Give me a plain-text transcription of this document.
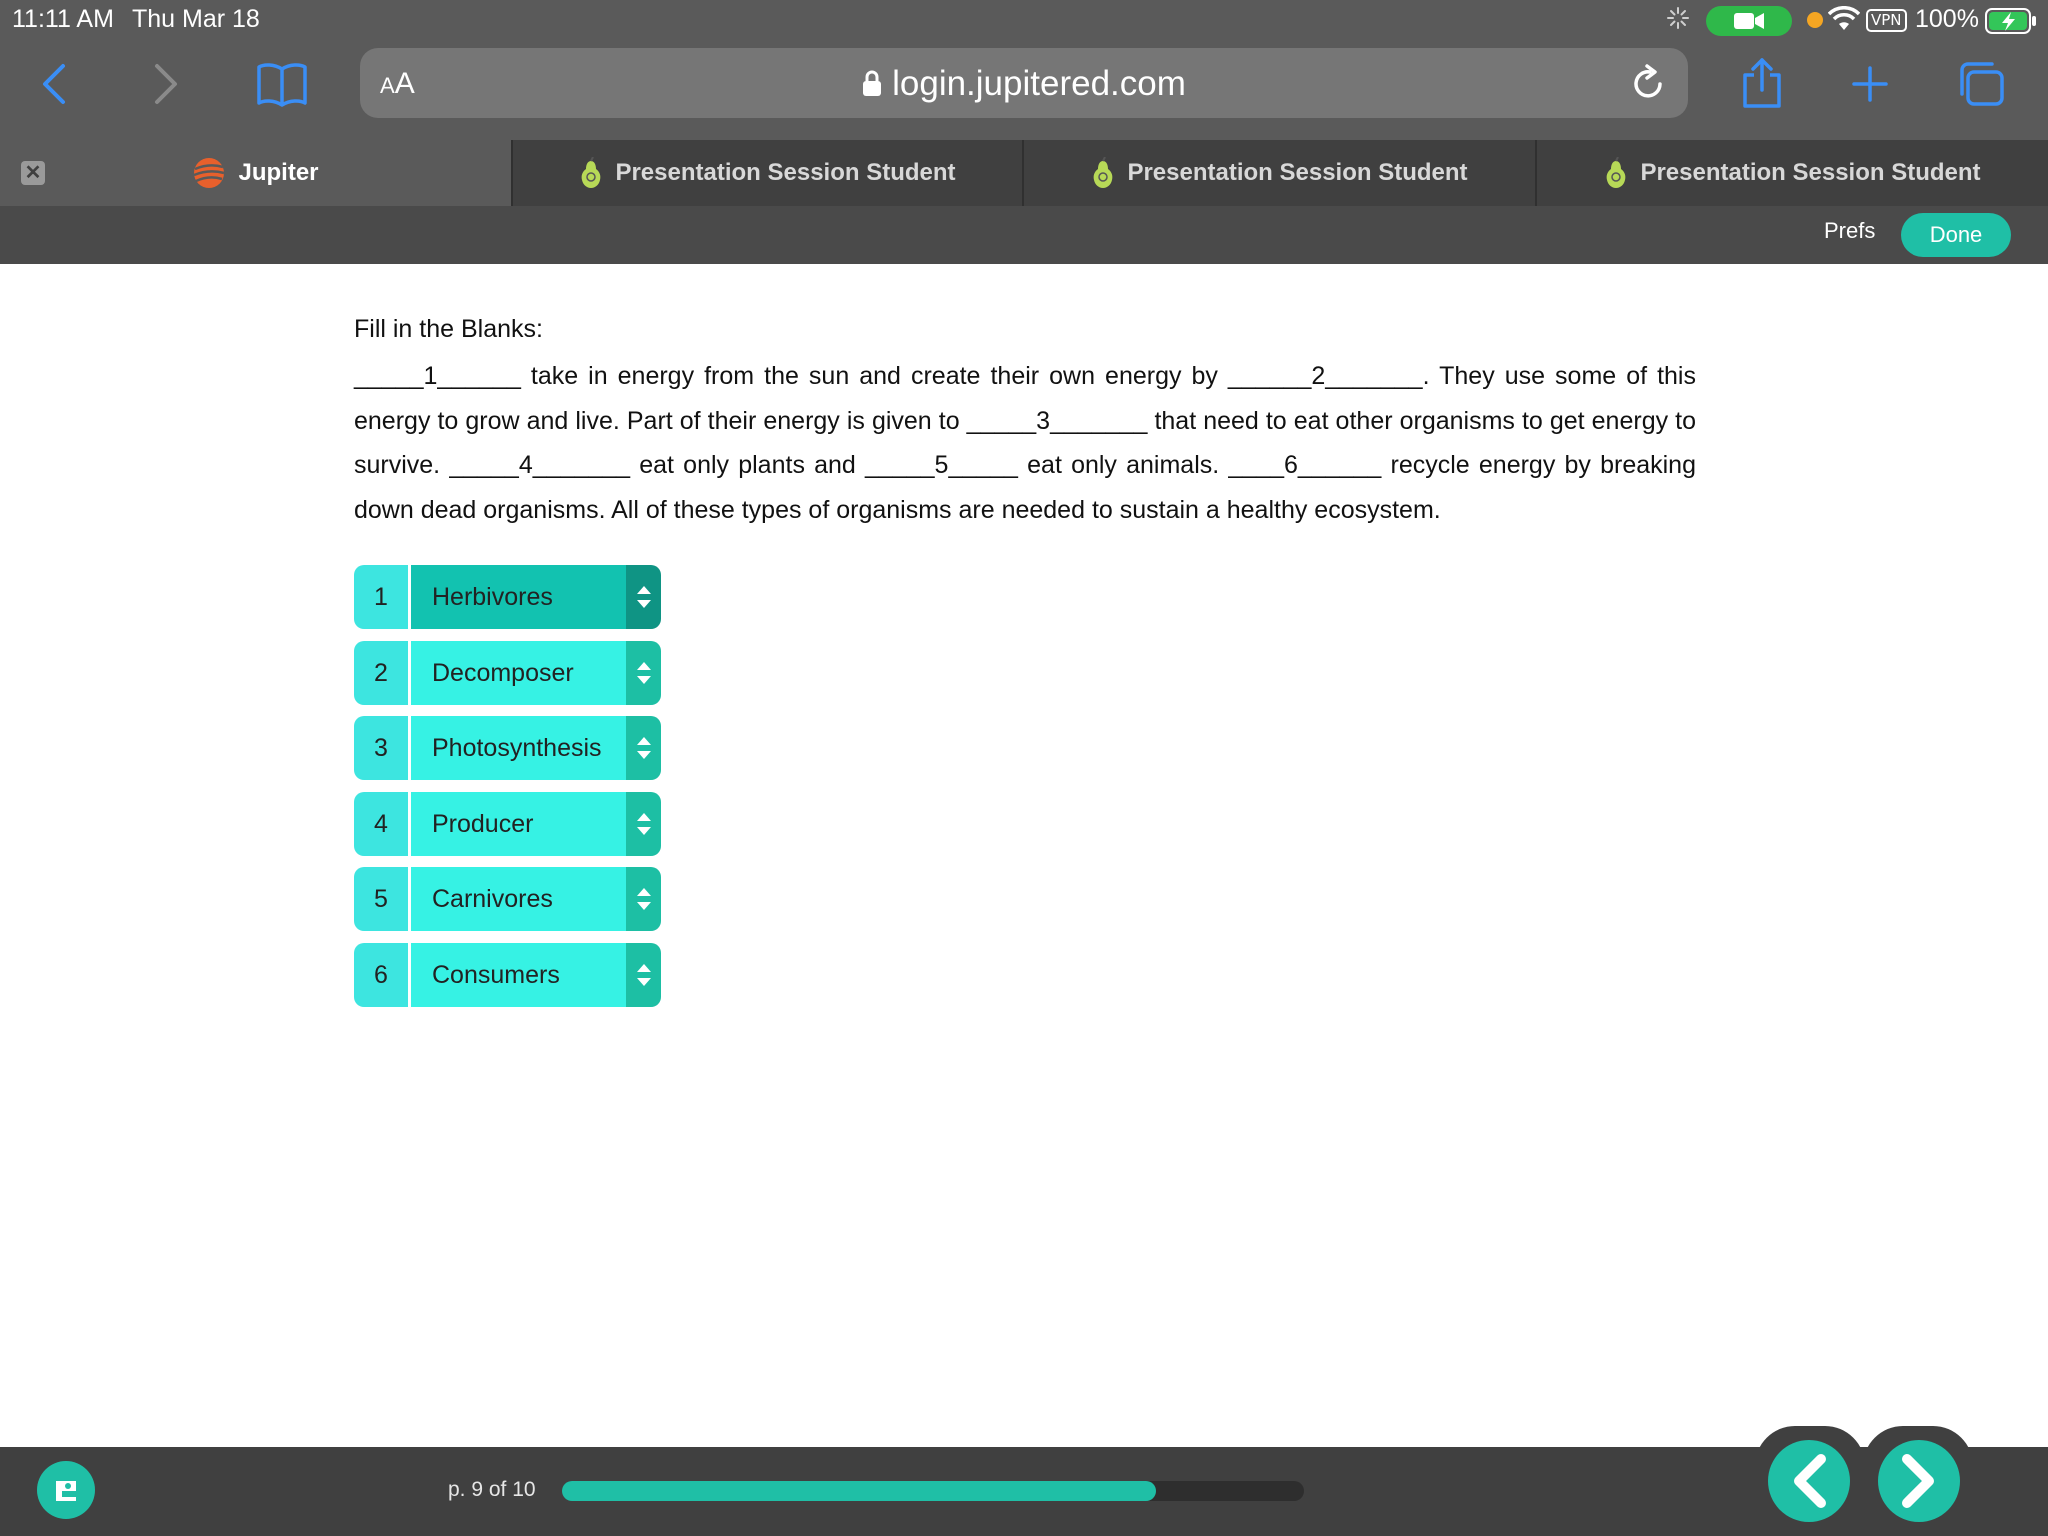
11:11 AM Thu Mar 18	VPN 100%
AA	login.jupitered.com
Jupiter	Presentation Session Student	Presentation Session Student	Presentation Session Student
✕
Prefs	Done

Fill in the Blanks:

_____1______ take in energy from the sun and create their own energy by ______2_______. They use some of this energy to grow and live. Part of their energy is given to _____3_______ that need to eat other organisms to get energy to survive. _____4_______ eat only plants and _____5_____ eat only animals. ____6______ recycle energy by breaking down dead organisms. All of these types of organisms are needed to sustain a healthy ecosystem.

1	Herbivores
2	Decomposer
3	Photosynthesis
4	Producer
5	Carnivores
6	Consumers
p. 9 of 10
